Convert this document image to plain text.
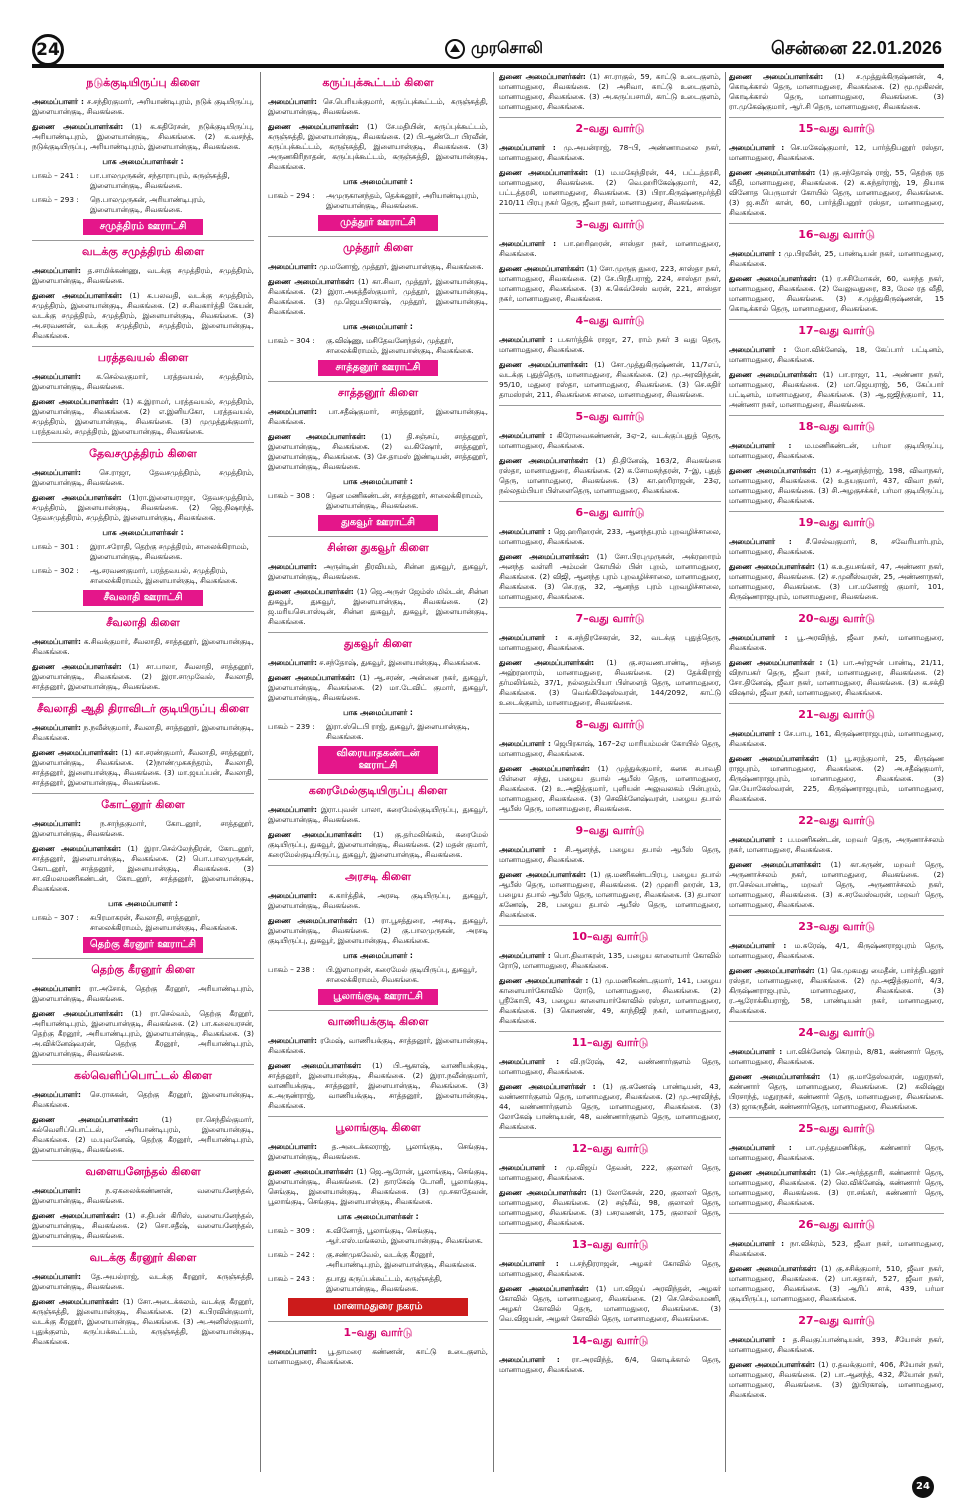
24	முரசொலி	சென்னை 22.01.2026
நடுக்குடியிருப்பு கிளை
அமைப்பாளர் : ச.சந்திரகுமார், அரியாண்டிபுரம், நடுக் குடியிருப்பு, இளையான்குடி, சிவகங்கை.
துணை அமைப்பாளர்கள்: (1) க.கதிரேசன், நடுக்குடியிருப்பு, அரியாண்டிபுரம், இளையான்குடி, சிவகங்கை. (2) க.வசந்த், நடுக்குடியிருப்பு, அரியாண்டிபுரம், இளையான்குடி, சிவகங்கை.
பாக அமைப்பாளர்கள் :
பாகம் – 241 :	பா.பாலமுருகன், சந்தாராபுரம், கருஞ்சுத்தி, இளையான்குடி, சிவகங்கை.
பாகம் – 293 :	நெ.பாலமுருகன், அரியாண்டிபுரம், இளையான்குடி, சிவகங்கை.
சமுத்திரம் ஊராட்சி
வடக்கு சமுத்திரம் கிளை
அமைப்பாளர்: த.சாமிக்கண்ணு, வடக்கு சமுத்திரம், சமுத்திரம், இளையான்குடி, சிவகங்கை.
துணை அமைப்பாளர்கள்: (1) க.பலவதி, வடக்கு சமுத்திரம், சமுத்திரம், இளையான்குடி, சிவகங்கை. (2) ச.சிவகார்த்தி கேயன், வடக்கு சமுத்திரம், சமுத்திரம், இளையான்குடி, சிவகங்கை. (3) அ.சரவணன், வடக்கு சமுத்திரம், சமுத்திரம், இளையான்குடி, சிவகங்கை.
பரத்தவயல் கிளை
அமைப்பாளர்: க.செல்வகுமார், பரத்தவயல், சமுத்திரம், இளையான்குடி, சிவகங்கை.
துணை அமைப்பாளர்கள்: (1) க.இராமர், பரத்தவயல், சமுத்திரம், இளையான்குடி, சிவகங்கை. (2) எ.இனியகோ, பரத்தவயல், சமுத்திரம், இளையான்குடி, சிவகங்கை. (3) முமுத்துக்குமார், பரத்தவயல், சமுத்திரம், இளையான்குடி, சிவகங்கை.
தேவசமுத்திரம் கிளை
அமைப்பாளர்: செ.ராஜா, தேவசமுத்திரம், சமுத்திரம், இளையான்குடி, சிவகங்கை.
துணை அமைப்பாளர்கள்: (1)ரா.இளையராஜா, தேவசமுத்திரம், சமுத்திரம், இளையான்குடி, சிவகங்கை. (2) ஜெ.நிஷாந்த், தேவசமுத்திரம், சமுத்திரம், இளையான்குடி, சிவகங்கை.
பாக அமைப்பாளர்கள் :
பாகம் – 301 :	இரா.சரோதி, தெற்கு சமுத்திரம், சாலைக்கிராமம், இளையான்குடி, சிவகங்கை.
பாகம் – 302 :	ஆ.சரவணகுமார், பரத்தவயல், சமுத்திரம், சாலைக்கிராமம், இளையான்குடி, சிவகங்கை.
சீவலாதி ஊராட்சி
சீவலாதி கிளை
அமைப்பாளர்: க.சிவக்குமார், சீவலாதி, சாத்தனூர், இளையான்குடி, சிவகங்கை.
துணை அமைப்பாளர்கள்: (1) சா.பாலா, சீவலாதி, சாத்தனூர், இளையான்குடி, சிவகங்கை. (2) இரா.சாமுவேல், சீவலாதி, சாத்தனூர், இளையான்குடி, சிவகங்கை.
சீவலாதி ஆதி திராவிடர் குடியிருப்பு கிளை
அமைப்பாளர்: ந.நவீன்குமார், சீவலாதி, சாத்தனூர், இளையான்குடி, சிவகங்கை.
துணை அமைப்பாளர்கள்: (1) கா.சரண்குமார், சீவலாதி, சாத்தனூர், இளையான்குடி, சிவகங்கை. (2)நாண்முகசுந்தரம், சீவலாதி, சாத்தனூர், இளையான்குடி, சிவகங்கை. (3) மா.ஜயப்பன், சீவலாதி, சாத்தனூர், இளையான்குடி, சிவகங்கை.
கோட்னூர் கிளை
அமைப்பாளர்:	ந.சாந்தகுமார், கோடனூர், சாத்தனூர், இளையான்குடி, சிவகங்கை.
துணை அமைப்பாளர்கள்: (1) இரா.செல்லேந்திரன், கோடனூர், சாத்தனூர், இளையான்குடி, சிவகங்கை. (2) பொ.பாலமுருகன், கோடனூர், சாத்தனூர், இளையான்குடி, சிவகங்கை. (3) சா.விமலமணிகண்டன், கோடனூர், சாத்தனூர், இளையான்குடி, சிவகங்கை.
பாக அமைப்பாளர் :
பாகம் – 307 :	சுபிரமாகரன், சீவலாதி, சாத்தனூர், சாலைக்கிராமம், இளையான்குடி, சிவகங்கை.
தெற்கு கீரனூர் ஊராட்சி
தெற்கு கீரனூர் கிளை
அமைப்பாளர்: ரா.அசோக், தெற்கு கீரனூர், அரியாண்டிபுரம், இளையான்குடி, சிவகங்கை.
துணை அமைப்பாளர்கள்: (1) ரா.செல்வம், தெற்கு கீரனூர், அரியாண்டிபுரம், இளையான்குடி, சிவகங்கை. (2) பா.கலையரசன், தெற்கு கீரனூர், அரியாண்டிபுரம், இளையான்குடி, சிவகங்கை. (3) அ.விக்னேஷ்வரன், தெற்கு கீரனூர், அரியாண்டிபுரம், இளையான்குடி, சிவகங்கை.
கல்வெளிப்பொட்டல் கிளை
அமைப்பாளர்: செ.ராசுகன், தெற்கு கீரனூர், இளையான்குடி, சிவகங்கை.
துணை அமைப்பாளர்கள்:	(1) ரா.செந்தில்குமார், கல்வெளிப்பொட்டல், அரியாண்டிபுரம், இளையான்குடி, சிவகங்கை. (2) ம.யுவனேஷ், தெற்கு கீரனூர், அரியாண்டிபுரம், இளையான்குடி, சிவகங்கை.
வளையனேந்தல் கிளை
அமைப்பாளர்:	ந.ஏகலைக்கண்ணன், வளையனேந்தல், இளையான்குடி, சிவகங்கை.
துணை அமைப்பாளர்கள்: (1) ச.திபன் கிரிஸ், வளையனேந்தல், இளையான்குடி, சிவகங்கை. (2) சொ.சதீஷ், வளையனேந்தல், இளையான்குடி, சிவகங்கை.
வடக்கு கீரனூர் கிளை
அமைப்பாளர்: தே.அயல்ராஜ், வடக்கு கீரனூர், கருஞ்சுத்தி, இளையான்குடி, சிவகங்கை.
துணை அமைப்பாளர்கள்: (1) சோ.அடைக்கலம், வடக்கு கீரனூர், கருஞ்சுத்தி, இளையான்குடி, சிவகங்கை. (2) க.பிரவின்குமார், வடக்கு கீரனூர், இளையான்குடி, சிவகங்கை. (3) அ.அனிஸ்குமார், புதுக்குளம், கருப்பக்கூட்டம், கருஞ்சுத்தி, இளையான்குடி, சிவகங்கை.
கருப்புக்கூட்டம் கிளை
அமைப்பாளர்: செ.பெரியக்குமார், கருப்புக்கூட்டம், கருஞ்சுத்தி, இளையான்குடி, சிவகங்கை.
துணை அமைப்பாளர்கள்: (1) சே.மதியின், கருப்புக்கூட்டம், கருஞ்சுத்தி, இளையான்குடி, சிவகங்கை. (2) பி.ஆண்டோ பிரவீன், கருப்புக்கூட்டம், கருஞ்சுத்தி, இளையான்குடி, சிவகங்கை. (3) அருணகிரிநாதன், கருப்புக்கூட்டம், கருஞ்சுத்தி, இளையான்குடி, சிவகங்கை.
பாக அமைப்பாளர் :
பாகம் – 294 :	அமுருகானந்தம், தெக்கனூர், அரியாண்டிபுரம், இளையான்குடி, சிவகங்கை.
முத்தூர் ஊராட்சி
முத்தூர் கிளை
அமைப்பாளர்: மு.மனோஜ், முத்தூர், இளையான்குடி, சிவகங்கை.
துணை அமைப்பாளர்கள்: (1) கா.சிவா, முத்தூர், இளையான்குடி, சிவகங்கை. (2) இரா.அகத்தீஸ்குமார், முத்தூர், இளையான்குடி, சிவகங்கை. (3) மு.ஜெயபிரகாஷ், முத்தூர், இளையான்குடி, சிவகங்கை.
பாக அமைப்பாளர் :
பாகம் – 304 :	கு.விஷ்ணு, மசிதேவனேந்தல், முத்தூர், சாலைக்கிராமம், இளையான்குடி, சிவகங்கை.
சாத்தனூர் ஊராட்சி
சாத்தனூர் கிளை
அமைப்பாளர்: பா.சதீஷ்குமார், சாத்தனூர், இளையான்குடி, சிவகங்கை.
துணை அமைப்பாளர்கள்: (1) தி.சஞ்சய், சாத்தனூர், இளையான்குடி, சிவகங்கை. (2) வ.கிஷோர், சாத்தனூர், இளையான்குடி, சிவகங்கை. (3) சே.தாமஸ் இண்டியன், சாத்தனூர், இளையான்குடி, சிவகங்கை.
பாக அமைப்பாளர் :
பாகம் – 308 :	தென மணிகண்டன், சாத்தனூர், சாலைக்கிராமம், இளையான்குடி, சிவகங்கை.
துகவூர் ஊராட்சி
சின்ன துகவூர் கிளை
அமைப்பாளர்: அருள்டின் திரவியம், சின்ன துகவூர், துகவூர், இளையான்குடி, சிவகங்கை.
துணை அமைப்பாளர்கள்: (1) ஜெ.அருள் ஜேம்ஸ் மில்டன், சின்ன துகவூர், துகவூர், இளையான்குடி, சிவகங்கை. (2) ஜ.மரியசெபாஸ்டின், சின்ன துகவூர், துகவூர், இளையான்குடி, சிவகங்கை.
துகவூர் கிளை
அமைப்பாளர்: ச.சந்தோஷ், துகவூர், இளையான்குடி, சிவகங்கை.
துணை அமைப்பாளர்கள்: (1) ஆ.சரண், அன்னை நகர், துகவூர், இளையான்குடி, சிவகங்கை. (2) மா.டேவிட் குமார், துகவூர், இளையான்குடி, சிவகங்கை.
பாக அமைப்பாளர் :
பாகம் – 239 :	இரா.ஸ்டெபி ராஜ், துகவூர், இளையான்குடி, சிவகங்கை.
விரையாதகண்டன் ஊராட்சி
கரைமேல்குடியிருப்பு கிளை
அமைப்பாளர்: இரா.புவன் பாலா, கரைமேல்குடியிருப்பு, துகவூர், இளையான்குடி, சிவகங்கை.
துணை அமைப்பாளர்கள்: (1) கு.தர்மலிங்கம், கரைமேல் குடியிருப்பு, துகவூர், இளையான்குடி, சிவகங்கை. (2) மதன் குமார், கரைமேல்குடியிருப்பு, துகவூர், இளையான்குடி, சிவகங்கை.
அரசடி கிளை
அமைப்பாளர்: க.கார்த்திக், அரசடி குடியிருப்பு, துகவூர், இளையான்குடி, சிவகங்கை.
துணை அமைப்பாளர்கள்: (1) ரா.பூசத்துரை, அரசடி, துகவூர், இளையான்குடி, சிவகங்கை. (2) கு.பாலமுருகன், அரசடி குடியிருப்பு, துகவூர், இளையான்குடி, சிவகங்கை.
பாக அமைப்பாளர் :
பாகம் – 238 :	பி.இளமாறன், கரைமேல் குடியிருப்பு, துகவூர், சாலைக்கிராமம், சிவகங்கை.
பூலாங்குடி ஊராட்சி
வாணியக்குடி கிளை
அமைப்பாளர்: ரமேஷ், வாணியக்குடி, சாத்தனூர், இளையான்குடி, சிவகங்கை.
துணை அமைப்பாளர்கள்: (1) பி.ஆகாஷ், வாணியக்குடி, சாத்தனூர், இளையான்குடி, சிவகங்கை. (2) இரா.நவீன்குமார், வாணியக்குடி, சாத்தனூர், இளையான்குடி, சிவகங்கை. (3) சு.அருண்ராஜ், வாணியக்குடி, சாத்தனூர், இளையான்குடி, சிவகங்கை.
பூலாங்குடி கிளை
அமைப்பாளர்: த.அடைக்கலராஜ், பூலாங்குடி, செங்குடி, இளையான்குடி, சிவகங்கை.
துணை அமைப்பாளர்கள்: (1) ஜெ.ஆரோன், பூலாங்குடி, செங்குடி, இளையான்குடி, சிவகங்கை. (2) தாரகேஷ் டோனி, பூலாங்குடி, செங்குடி, இளையான்குடி, சிவகங்கை. (3) மு.சகாதேவன், பூலாங்குடி, செங்குடி, இளையான்குடி, சிவகங்கை.
பாக அமைப்பாளர்கள் :
பாகம் – 309 :	சு.வினோத், பூலாங்குடி, செங்குடி, ஆர்.எஸ்.மங்கலம், இளையான்குடி, சிவகங்கை.
பாகம் – 242 :	கு.சண்முகவேல், வடக்கு கீரனூர், அரியாண்டிபுரம், இளையான்குடி, சிவகங்கை.
பாகம் – 243 :	தபாது கருப்பக்கூட்டம், கருஞ்சுத்தி, இளையான்குடி, சிவகங்கை.
மானாமதுரை நகரம்
1–வது வார்டு
அமைப்பாளர்: பூ.தாமரை கண்ணன், காட்டு உடைகுளம், மானாமதுரை, சிவகங்கை.
துணை அமைப்பாளர்கள்: (1) சா.ராகுல், 59, காட்டு உடைகுளம், மானாமதுரை, சிவகங்கை. (2) அசிவா, காட்டு உடைகுளம், மானாமதுரை, சிவகங்கை. (3) அ.கருப்பசாமி, காட்டு உடைகுளம், மானாமதுரை, சிவகங்கை.
2–வது வார்டு
அமைப்பாளர் : மு.அயன்ராஜ், 78–பி, அண்ணாமலை நகர், மானாமதுரை, சிவகங்கை.
துணை அமைப்பாளர்கள்: (1) ம.மகேந்திரன், 44, பட்டத்தரசி, மானாமதுரை, சிவகங்கை. (2) வெ.ஹரிகேஷ்குமார், 42, பட்டத்தரசி, மானாமதுரை, சிவகங்கை. (3) பிரா.கிருஷ்ணமூர்த்தி 210/11 பிரபு நகர் தெரு, ஜீவா நகர், மானாமதுரை, சிவகங்கை.
3–வது வார்டு
அமைப்பாளர் : பா.ஹரிஹரன், சாஸ்தா நகர், மானாமதுரை, சிவகங்கை.
துணை அமைப்பாளர்கள்: (1) சோ.முருகு துரை, 223, சாஸ்தா நகர், மானாமதுரை, சிவகங்கை. (2) சே.பிரதீபராஜ், 224, சாஸ்தா நகர், மானாமதுரை, சிவகங்கை. (3) க.கெவ்சேஸ் வரன், 221, சாஸ்தா நகர், மானாமதுரை, சிவகங்கை.
4–வது வார்டு
அமைப்பாளர் : ப.கார்த்திக் ராஜா, 27, ராம் நகர் 3 வது தெரு, மானாமதுரை, சிவகங்கை.
துணை அமைப்பாளர்கள்: (1) சோ.முத்துகிருஷ்ணன், 11/7எப், வடக்கு புதுத்தெரு, மானாமதுரை, சிவகங்கை. (2) மு.அரவிந்தன், 95/10, மதுரை ரஸ்தா, மானாமதுரை, சிவகங்கை. (3) செ.சுதிர் தாமஸ்ரன், 211, சிவகங்கை சாலை, மானாமதுரை, சிவகங்கை.
5–வது வார்டு
அமைப்பாளர் : கிரோவைகண்ணன், 3ஏ–2, வடக்குப்புதுத் தெரு, மானாமதுரை, சிவகங்கை.
துணை அமைப்பாளர்கள்: (1) தி.தினேஷ், 163/2, சிவகங்கை ரஸ்தா, மானாமதுரை, சிவகங்கை. (2) க.சோமசுந்தரன், 7–இ, புதுத் தெரு, மானாமதுரை, சிவகங்கை. (3) கா.ஹரிராஜன், 23ஏ, நல்லதம்பியா பிள்ளைதெரு, மானாமதுரை, சிவகங்கை.
6–வது வார்டு
அமைப்பாளர் : ஜெ.ஹரிஹரன், 233, ஆனந்தபுரம் புறவழிச்சாலை, மானாமதுரை, சிவகங்கை.
துணை அமைப்பாளர்கள்: (1) சோ.பிரபுமுருகன், அக்ரஹாரம் அனந்த வள்ளி அம்மன் கோயில் பின் புறம், மானாமதுரை, சிவகங்கை. (2) விஜி, ஆனந்த புரம் புறவழிச்சாலை, மானாமதுரை, சிவகங்கை. (3) செ.ரகு, 32, ஆனந்த புரம் புறவழிச்சாலை, மானாமதுரை, சிவகங்கை.
7–வது வார்டு
அமைப்பாளர் : க.சந்திரசேகரன், 32, வடக்கு புதுத்தெரு, மானாமதுரை, சிவகங்கை.
துணை அமைப்பாளர்கள்: (1) கு.சரவணபாண்டி, சந்தை அஹ்ரஹாரம், மானாமதுரை, சிவகங்கை. (2) தேக்கிராஜ் தர்மலிங்கம், 37/1, நல்லதம்பியா பிள்ளைத் தெரு, மானாமதுரை, சிவகங்கை. (3) வெங்கிஷேஸ்வரன், 144/2092, காட்டு உடைக்குளம், மானாமதுரை, சிவகங்கை.
8–வது வார்டு
அமைப்பாளர் : ஜெபிரகாஷ், 167–2ஏ மாரியம்மன் கோயில் தெரு, மானாமதுரை, சிவகங்கை.
துணை அமைப்பாளர்கள்: (1) முத்துக்குமார், கனக சபாவதி பிள்ளை சந்து, பழைய தபால் ஆபீஸ் தெரு, மானாமதுரை, சிவகங்கை. (2) உ.அஜித்குமார், புளியன் அலுவலகம் பின்புறம், மானாமதுரை, சிவகங்கை. (3) செவிக்னேஷ்வரன், பழைய தபால் ஆபீஸ் தெரு, மானாமதுரை, சிவகங்கை.
9–வது வார்டு
அமைப்பாளர் : சி.ஆனந்த், பழைய தபால் ஆபீஸ் தெரு, மானாமதுரை, சிவகங்கை.
துணை அமைப்பாளர்கள்: (1) கு.மணிகண்டபிரபு, பழைய தபால் ஆபீஸ் தெரு, மானாமதுரை, சிவகங்கை. (2) முஹரி ஹரன், 13, பழைய தபால் ஆபீஸ் தெரு, மானாமதுரை, சிவகங்கை. (3) தபாலா கணேஷ், 28, பழைய தபால் ஆபீஸ் தெரு, மானாமதுரை, சிவகங்கை.
10–வது வார்டு
அமைப்பாளர் : பொ.திவாகரன், 135, பழைய காளையார் கோவில் ரோடு, மானாமதுரை, சிவகங்கை.
துணை அமைப்பாளர்கள் : (1) மு.மணிகண்டகுமார், 141, பழைய காளையார்கோவில் ரோடு, மானாமதுரை, சிவகங்கை. (2) ஸ்ரீகோபி, 43, பழைய காளையார்கோவில் ரஸ்தா, மானாமதுரை, சிவகங்கை. (3) கொணண், 49, காந்திஜி நகர், மானாமதுரை, சிவகங்கை.
11–வது வார்டு
அமைப்பாளர் : வி.நரேஷ், 42, வண்ணார்குளம் தெரு, மானாமதுரை, சிவகங்கை.
துணை அமைப்பாளர்கள் : (1) கு.கணேஷ் பாண்டியன், 43, வண்ணார்குளம் தெரு, மானாமதுரை, சிவகங்கை. (2) மு.அரவிந்த், 44, வண்ணார்குளம் தெரு, மானாமதுரை, சிவகங்கை. (3) லோகேஷ் பாண்டியன், 48, வண்ணார்குளம் தெரு, மானாமதுரை, சிவகங்கை.
12–வது வார்டு
அமைப்பாளர் : மு.விஜய் தேவன், 222, குலாலர் தெரு, மானாமதுரை, சிவகங்கை.
துணை அமைப்பாளர்கள்: (1) லோகேசன், 220, குலாலர் தெரு, மானாமதுரை, சிவகங்கை. (2) சஞ்சீவ், 98, குலாலர் தெரு, மானாமதுரை, சிவகங்கை. (3) பசரவணன், 175, குலாலர் தெரு, மானாமதுரை, சிவகங்கை.
13–வது வார்டு
அமைப்பாளர் : ப.சந்திரராஜன், அழகர் கோவில் தெரு, மானாமதுரை, சிவகங்கை.
துணை அமைப்பாளர்கள்: (1) பா.விஜய் அரவிந்தன், அழகர் கோவில் தெரு, மானாமதுரை, சிவகங்கை. (2) செ.செல்வமணி, அழகர் கோவில் தெரு, மானாமதுரை, சிவகங்கை. (3) வெ.விஜயன், அழகர் கோவில் தெரு, மானாமதுரை, சிவகங்கை.
14–வது வார்டு
அமைப்பாளர் : ரா.அரவிந்த், 6/4, கொடிக்கால் தெரு, மானாமதுரை, சிவகங்கை.
துணை அமைப்பாளர்கள்: (1) ச.முத்துக்கிருஷ்ணன், 4, கொடிக்கால் தெரு, மானாமதுரை, சிவகங்கை. (2) மூ.முகிலன், கொடிக்கால் தெரு, மானாமதுரை, சிவகங்கை. (3) ரா.முகேஷ்குமார், ஆர்.சி தெரு, மானாமதுரை, சிவகங்கை.
15–வது வார்டு
அமைப்பாளர் : செ.மகேஷ்குமார், 12, பார்த்திபனூர் ரஸ்தா, மானாமதுரை, சிவகங்கை.
துணை அமைப்பாளர்கள்: (1) கு.சந்தோஷ் ராஜ், 55, தெற்கு ரத வீதி, மானாமதுரை, சிவகங்கை. (2) க.சுந்தர்ராஜ், 19, தியாக வினோத பெருமாள் கோயில் தெரு, மானாமதுரை, சிவகங்கை. (3) ஜ.சமீர் கான், 60, பார்த்திபனூர் ரஸ்தா, மானாமதுரை, சிவகங்கை.
16–வது வார்டு
அமைப்பாளர் : மு.பிரவீன், 25, பாண்டியன் நகர், மானாமதுரை, சிவகங்கை.
துணை அமைப்பாளர்கள்: (1) ர.சசிமோகன், 60, வசந்த நகர், மானாமதுரை, சிவகங்கை. (2) வேலுவதுரை, 83, மேல ரத வீதி, மானாமதுரை, சிவகங்கை. (3) ச.முத்துகிருஷ்ணன், 15 கொடிக்கால் தெரு, மானாமதுரை, சிவகங்கை.
17–வது வார்டு
அமைப்பாளர் : மோ.விக்னேஷ், 18, கேப்பார் பட்டினம், மானாமதுரை, சிவகங்கை.
துணை அமைப்பாளர்கள்: (1) பா.ராஜா, 11, அண்ணா நகர், மானாமதுரை, சிவகங்கை. (2) மா.ஜெயராஜ், 56, கேப்பார் பட்டினம், மானாமதுரை, சிவகங்கை. (3) ஆ.ஜஜிந்குமார், 11, அண்ணா நகர், மானாமதுரை, சிவகங்கை.
18–வது வார்டு
அமைப்பாளர் : ம.மணிகண்டன், பர்மா குடியிருப்பு, மானாமதுரை, சிவகங்கை.
துணை அமைப்பாளர்கள்: (1) ச.ஆனந்த்ராஜ், 198, விவாநகர், மானாமதுரை, சிவகங்கை. (2) உதயகுமார், 437, விவா நகர், மானாமதுரை, சிவகங்கை. (3) சி.அழகுசக்கர், பர்மா குடியிருப்பு, மானாமதுரை, சிவகங்கை.
19–வது வார்டு
அமைப்பாளர் : சீ.செல்வகுமார், 8, சவேரியார்புரம், மானாமதுரை, சிவகங்கை.
துணை அமைப்பாளர்கள்: (1) க.உதயசங்கர், 47, அண்ணா நகர், மானாமதுரை, சிவகங்கை. (2) ச.முனீஸ்வரன், 25, அண்ணாநகர், மானாமதுரை, சிவகங்கை. (3) பா.மனோஜ் குமார், 101, கிருஷ்ணராஜபுரம், மானாமதுரை, சிவகங்கை.
20–வது வார்டு
அமைப்பாளர் : பூ.அரவிந்த், ஜீவா நகர், மானாமதுரை, சிவகங்கை.
துணை அமைப்பாளர்கள் : (1) பா.அர்ஜுன் பாண்டி, 21/11, விநாயகர் தெரு, ஜீவா நகர், மானாமதுரை, சிவகங்கை. (2) சோ.தினேஷ், ஜீவா நகர், மானாமதுரை, சிவகங்கை. (3) க.சக்தி விஷால், ஜீவா நகர், மானாமதுரை, சிவகங்கை.
21–வது வார்டு
அமைப்பாளர் : சே.பாபு, 161, கிருஷ்ணராஜபுரம், மானாமதுரை, சிவகங்கை.
துணை அமைப்பாளர்கள்: (1) பூ.சரத்குமார், 25, கிருஷ்ண ராஜபுரம், மானாமதுரை, சிவகங்கை. (2) அ.சதீஷ்குமார், கிருஷ்ணராஜபுரம், மானாமதுரை, சிவகங்கை. (3) செ.யோகேஸ்வரன், 225, கிருஷ்ணராஜபுரம், மானாமதுரை, சிவகங்கை.
22–வது வார்டு
அமைப்பாளர் : ப.மணிகண்டன், மறவர் தெரு, அருணாச்சலம் நகர், மானாமதுரை, சிவகங்கை.
துணை அமைப்பாளர்கள்: (1) கா.கருண், மறவர் தெரு, அருணாச்சலம் நகர், மானாமதுரை, சிவகங்கை. (2) ரா.செல்வபாண்டி, மறவர் தெரு, அருணாச்சலம் நகர், மானாமதுரை, சிவகங்கை. (3) சு.சரவேஸ்வரன், மறவர் தெரு, மானாமதுரை, சிவகங்கை.
23–வது வார்டு
அமைப்பாளர் : ம.சுரேஷ், 4/1, கிருஷ்ணராஜபுரம் தெரு, மானாமதுரை, சிவகங்கை.
துணை அமைப்பாளர்கள்: (1) கெ.முகமது மைதீன், பார்த்திபனூர் ரஸ்தா, மானாமதுரை, சிவகங்கை. (2) மு.அஜித்குமார், 4/3, கிருஷ்ணராஜபுரம், மானாமதுரை, சிவகங்கை. (3) ர.ஆரோக்கியராஜ், 58, பாண்டியன் நகர், மானாமதுரை, சிவகங்கை.
24–வது வார்டு
அமைப்பாளர் : பா.விக்னேஷ் கொறம், 8/81, கண்ணார் தெரு, மானாமதுரை, சிவகங்கை.
துணை அமைப்பாளர்கள்: (1) கு.மாதேஸ்வரன், மதுரநகர், கண்ணார் தெரு, மானாமதுரை, சிவகங்கை. (2) சுலிஷ்னு பிரசாந்த், மதுரநகர், கண்ணார் தெரு, மானாமதுரை, சிவகங்கை. (3) ஜாகருதீன், கண்ணார்தெரு, மானாமதுரை, சிவகங்கை.
25–வது வார்டு
அமைப்பாளர் : பா.முத்துமணிக்கு, கண்ணார் தெரு, மானாமதுரை, சிவகங்கை.
துணை அமைப்பாளர்கள்: (1) செ.அர்த்ததாரி, கண்ணார் தெரு, மானாமதுரை, சிவகங்கை. (2) லெ.விக்னேஷ், கண்ணார் தெரு, மானாமதுரை, சிவகங்கை. (3) ரா.சங்கர், கண்ணார் தெரு, மானாமதுரை, சிவகங்கை.
26–வது வார்டு
அமைப்பாளர் : நா.விக்ரம், 523, ஜீவா நகர், மானாமதுரை, சிவகங்கை.
துணை அமைப்பாளர்கள்: (1) கு.சசிக்குமார், 510, ஜீவா நகர், மானாமதுரை, சிவகங்கை. (2) பா.சுதாகர், 527, ஜீவா நகர், மானாமதுரை, சிவகங்கை. (3) ஆரிப் சாக், 439, பர்மா குடியிருப்பு, மானாமதுரை, சிவகங்கை.
27–வது வார்டு
அமைப்பாளர் : த.சிவகுப்பாண்டியன், 393, சீயோன் நகர், மானாமதுரை, சிவகங்கை.
துணை அமைப்பாளர்கள்: (1) ர.தவக்குமார், 406, சீயோன் நகர், மானாமதுரை, சிவகங்கை. (2) பா.ஆனந்த், 432, சீயோன் நகர், மானாமதுரை, சிவகங்கை. (3) இபிரகாஷ், மானாமதுரை, சிவகங்கை.
24
